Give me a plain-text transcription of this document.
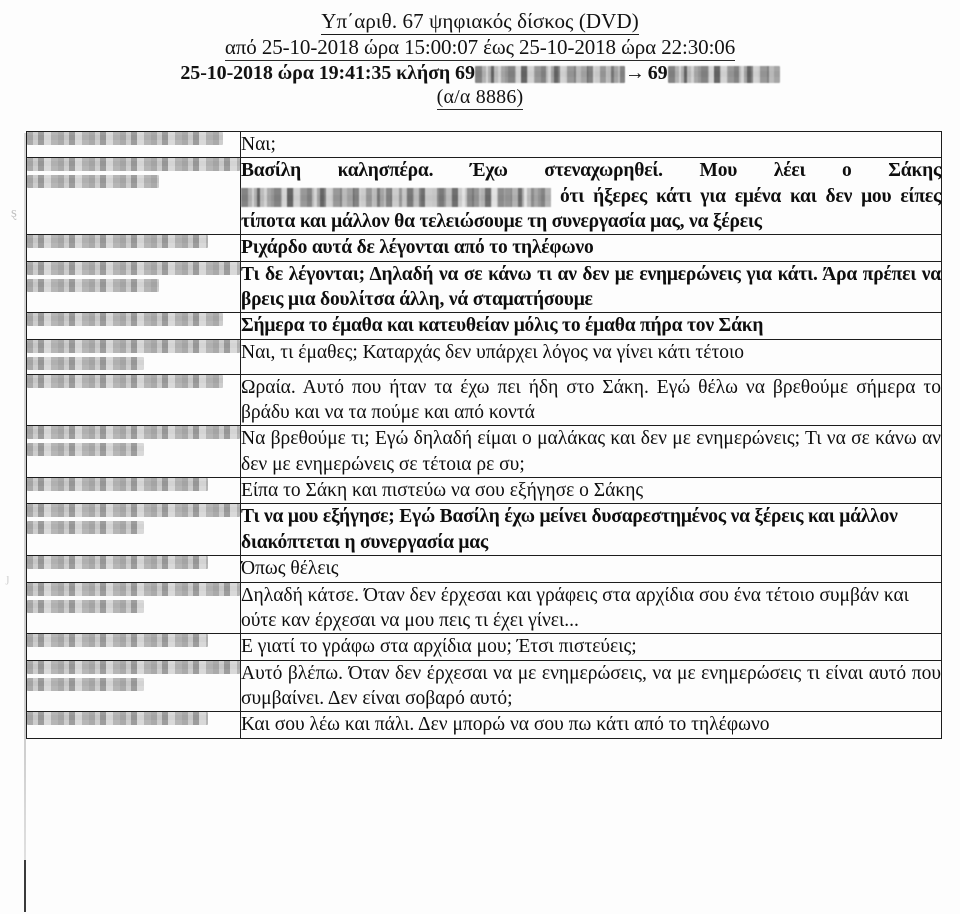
Υπ΄αριθ. 67 ψηφιακός δίσκος (DVD)
από 25-10-2018 ώρα 15:00:07 έως 25-10-2018 ώρα 22:30:06
25-10-2018 ώρα 19:41:35 κλήση 69	→ 69
(α/α 8886)
ȿ
ȷ
	Ναι;

	Βασίλη καλησπέρα. Έχω στεναχωρηθεί. Μου λέει ο Σάκης  ότι ήξερες κάτι για εμένα και δεν μου είπες τίποτα και μάλλον θα τελειώσουμε τη συνεργασία μας, να ξέρεις

	Ριχάρδο αυτά δε λέγονται από το τηλέφωνο

	Τι δε λέγονται; Δηλαδή να σε κάνω τι αν δεν με ενημερώνεις για κάτι. Άρα πρέπει να βρεις μια δουλίτσα άλλη, νά σταματήσουμε

	Σήμερα το έμαθα και κατευθείαν μόλις το έμαθα πήρα τον Σάκη

	Ναι, τι έμαθες; Καταρχάς δεν υπάρχει λόγος να γίνει κάτι τέτοιο

	Ωραία. Αυτό που ήταν τα έχω πει ήδη στο Σάκη. Εγώ θέλω να βρεθούμε σήμερα το βράδυ και να τα πούμε και από κοντά

	Να βρεθούμε τι; Εγώ δηλαδή είμαι ο μαλάκας και δεν με ενημερώνεις; Τι να σε κάνω αν δεν με ενημερώνεις σε τέτοια ρε συ;

	Είπα το Σάκη και πιστεύω να σου εξήγησε ο Σάκης

	Τι να μου εξήγησε; Εγώ Βασίλη έχω μείνει δυσαρεστημένος να ξέρεις και μάλλον διακόπτεται η συνεργασία μας

	Όπως θέλεις

	Δηλαδή κάτσε. Όταν δεν έρχεσαι και γράφεις στα αρχίδια σου ένα τέτοιο συμβάν και ούτε καν έρχεσαι να μου πεις τι έχει γίνει...

	Ε γιατί το γράφω στα αρχίδια μου; Έτσι πιστεύεις;

	Αυτό βλέπω. Όταν δεν έρχεσαι να με ενημερώσεις, να με ενημερώσεις τι είναι αυτό που συμβαίνει. Δεν είναι σοβαρό αυτό;

	Και σου λέω και πάλι. Δεν μπορώ να σου πω κάτι από το τηλέφωνο
